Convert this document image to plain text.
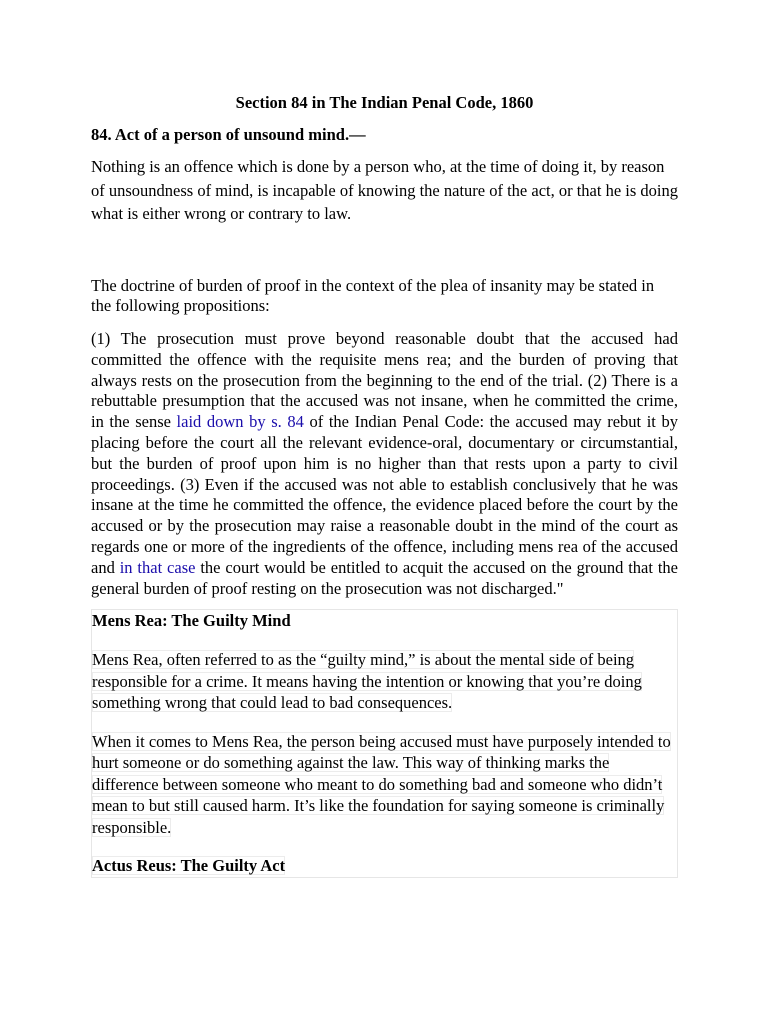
Section 84 in The Indian Penal Code, 1860
84. Act of a person of unsound mind.—

Nothing is an offence which is done by a person who, at the time of doing it, by reason of unsoundness of mind, is incapable of knowing the nature of the act, or that he is doing what is either wrong or contrary to law.

The doctrine of burden of proof in the context of the plea of insanity may be stated in the following propositions:

(1) The prosecution must prove beyond reasonable doubt that the accused had committed the offence with the requisite mens rea; and the burden of proving that always rests on the prosecution from the beginning to the end of the trial. (2) There is a rebuttable presumption that the accused was not insane, when he committed the crime, in the sense laid down by s. 84 of the Indian Penal Code: the accused may rebut it by placing before the court all the relevant evidence-oral, documentary or circumstantial, but the burden of proof upon him is no higher than that rests upon a party to civil proceedings. (3) Even if the accused was not able to establish conclusively that he was insane at the time he committed the offence, the evidence placed before the court by the accused or by the prosecution may raise a reasonable doubt in the mind of the court as regards one or more of the ingredients of the offence, including mens rea of the accused and in that case the court would be entitled to acquit the accused on the ground that the general burden of proof resting on the prosecution was not discharged."

Mens Rea: The Guilty Mind

Mens Rea, often referred to as the “guilty mind,” is about the mental side of being responsible for a crime. It means having the intention or knowing that you’re doing something wrong that could lead to bad consequences.

When it comes to Mens Rea, the person being accused must have purposely intended to hurt someone or do something against the law. This way of thinking marks the difference between someone who meant to do something bad and someone who didn’t mean to but still caused harm. It’s like the foundation for saying someone is criminally responsible.

Actus Reus: The Guilty Act
